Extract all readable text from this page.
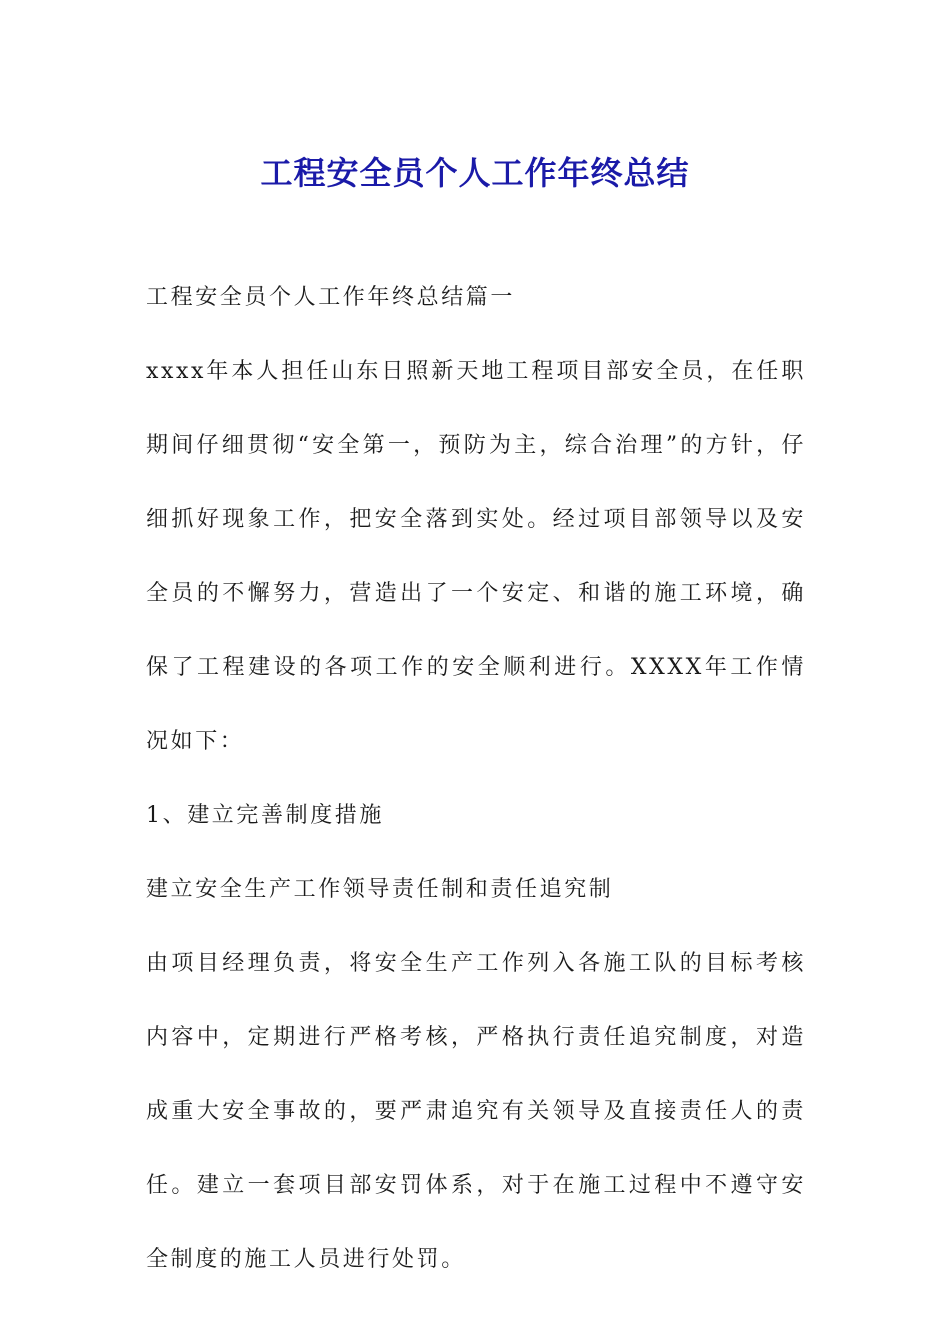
工程安全员个人工作年终总结

工程安全员个人工作年终总结篇一

xxxx年本人担任山东日照新天地工程项目部安全员，在任职期间仔细贯彻“安全第一，预防为主，综合治理”的方针，仔细抓好现象工作，把安全落到实处。经过项目部领导以及安全员的不懈努力，营造出了一个安定、和谐的施工环境，确保了工程建设的各项工作的安全顺利进行。XXXX年工作情况如下：

1、建立完善制度措施

建立安全生产工作领导责任制和责任追究制

由项目经理负责，将安全生产工作列入各施工队的目标考核内容中，定期进行严格考核，严格执行责任追究制度，对造成重大安全事故的，要严肃追究有关领导及直接责任人的责任。建立一套项目部安罚体系，对于在施工过程中不遵守安全制度的施工人员进行处罚。
